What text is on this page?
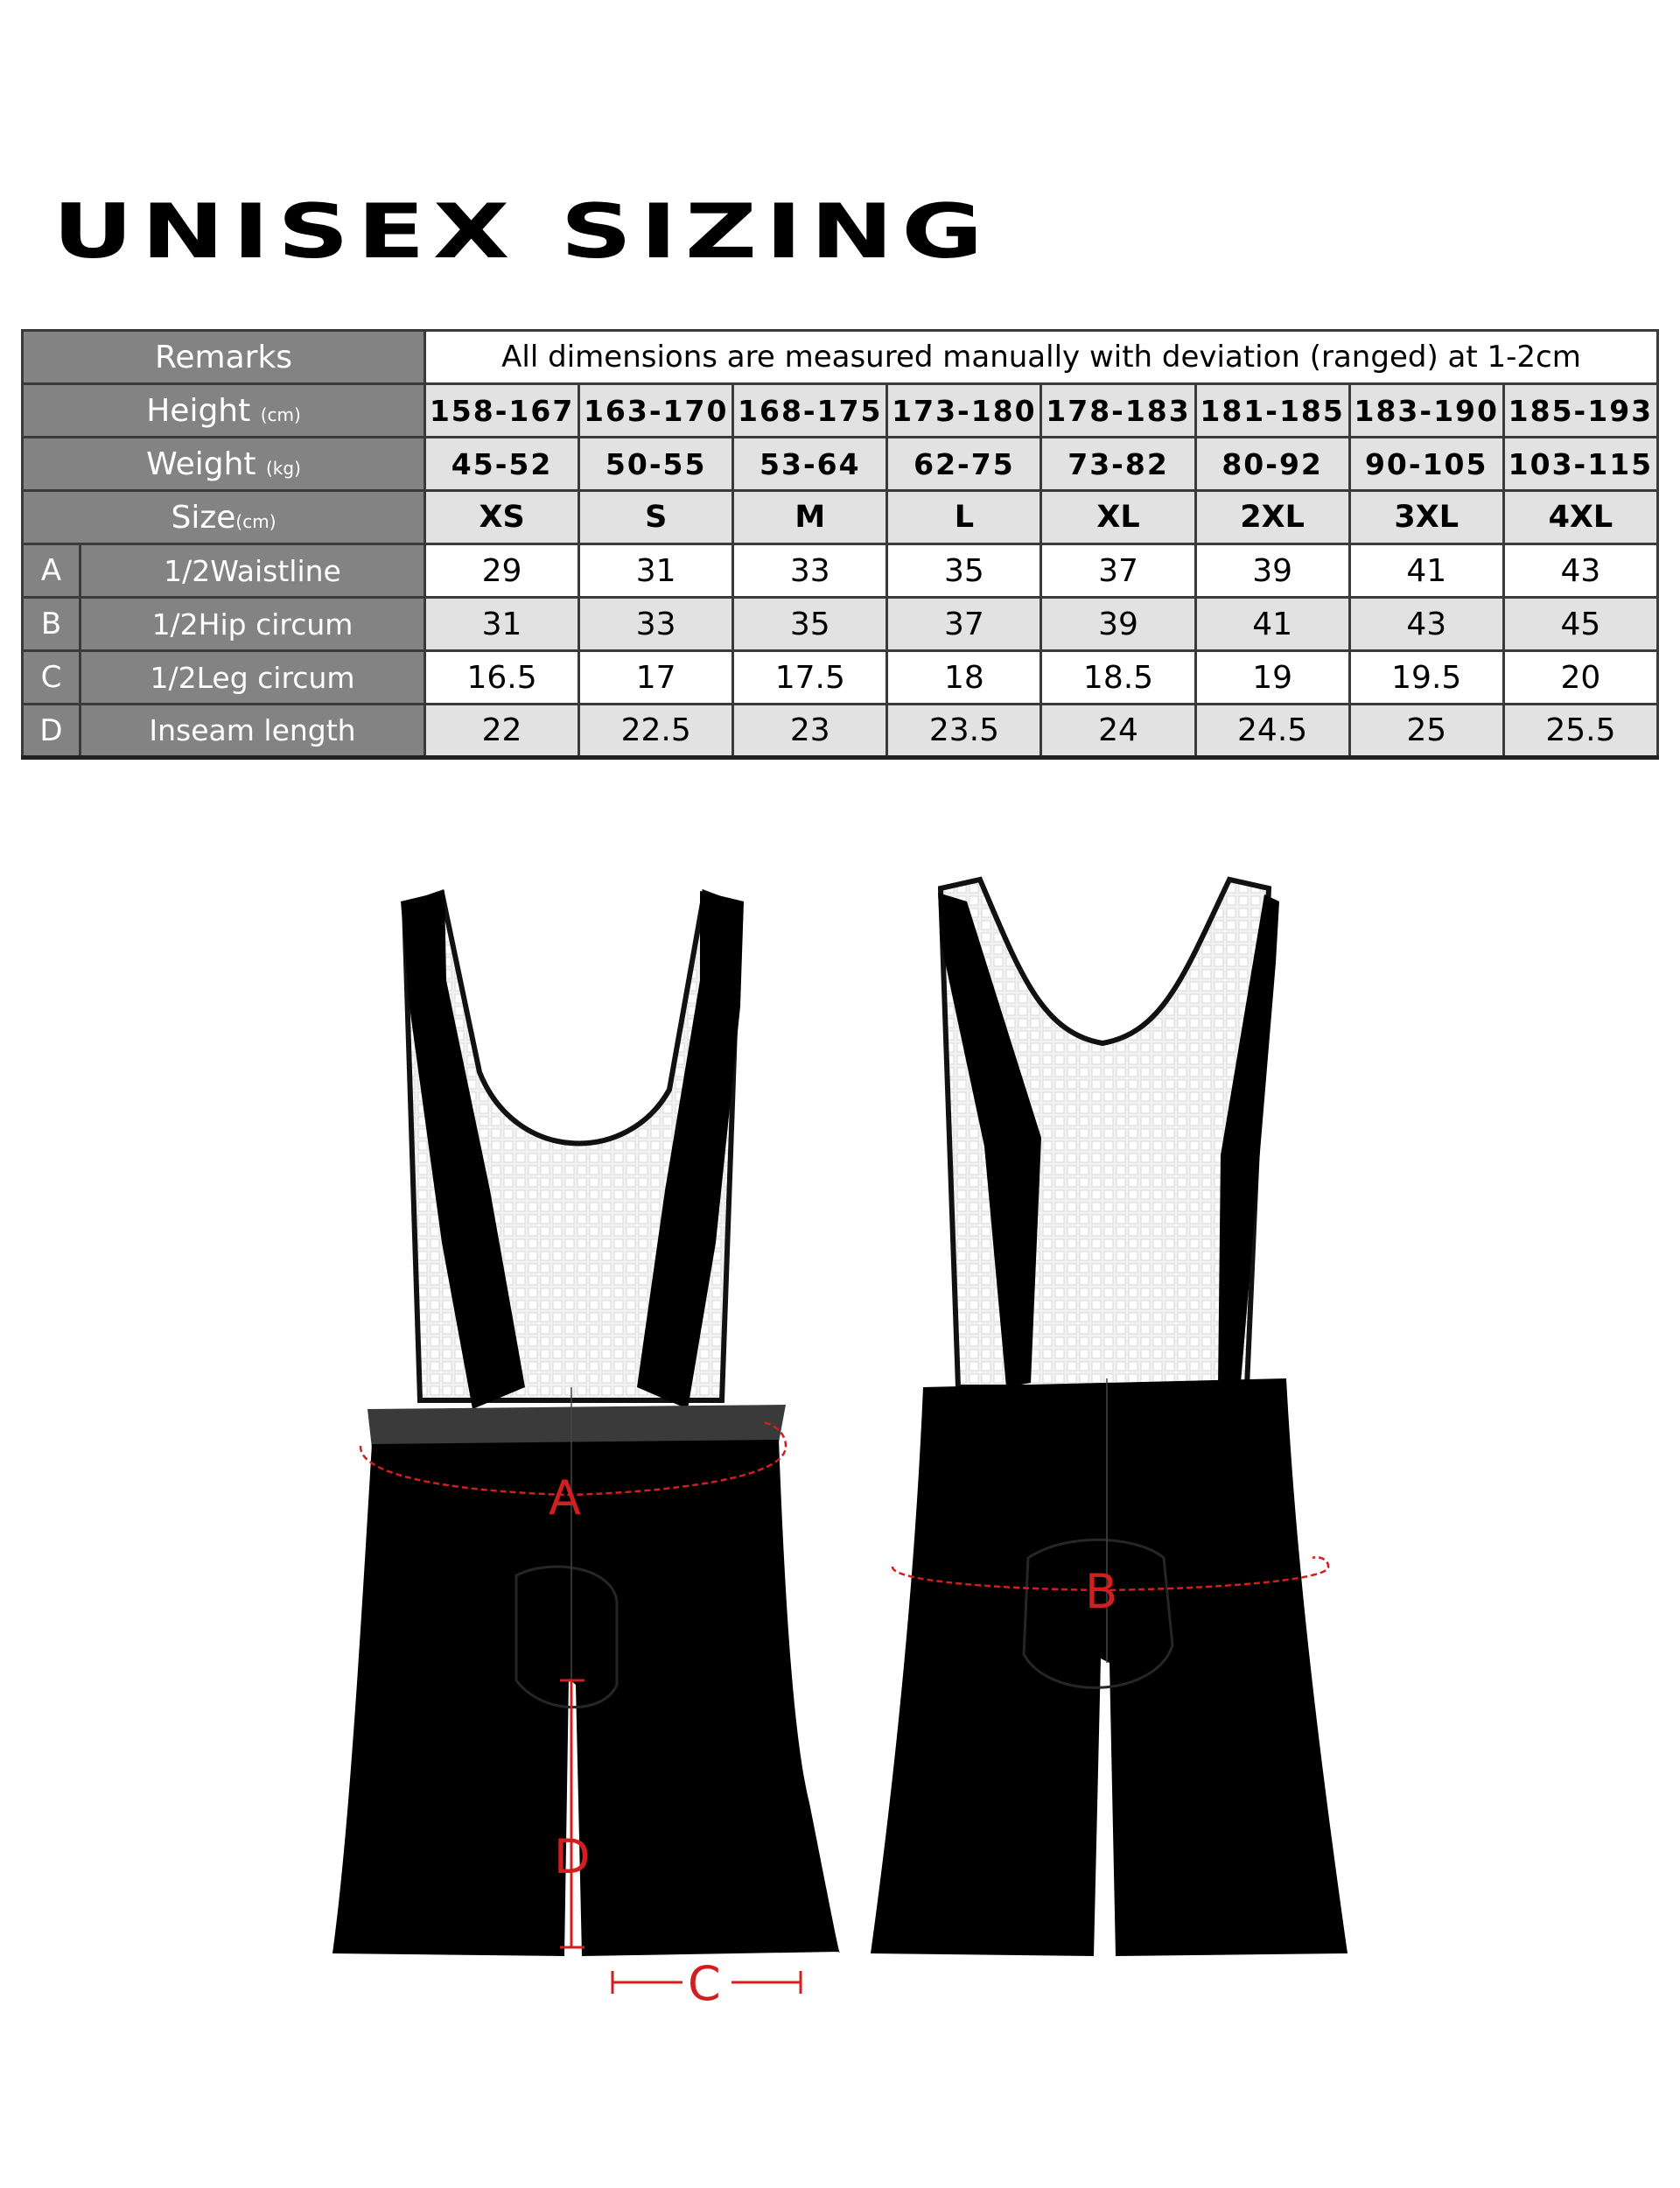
UNISEX SIZING
Remarks		All dimensions are measured manually with deviation (ranged) at 1-2cm							
Height (cm)		158-167	163-170	168-175	173-180	178-183	181-185	183-190	185-193
Weight (kg)		45-52	50-55	53-64	62-75	73-82	80-92	90-105	103-115
Size(cm)		XS	S	M	L	XL	2XL	3XL	4XL
A	1/2Waistline	29	31	33	35	37	39	41	43
B	1/2Hip circum	31	33	35	37	39	41	43	45
C	1/2Leg circum	16.5	17	17.5	18	18.5	19	19.5	20
D	Inseam length	22	22.5	23	23.5	24	24.5	25	25.5
A
D
C
B
